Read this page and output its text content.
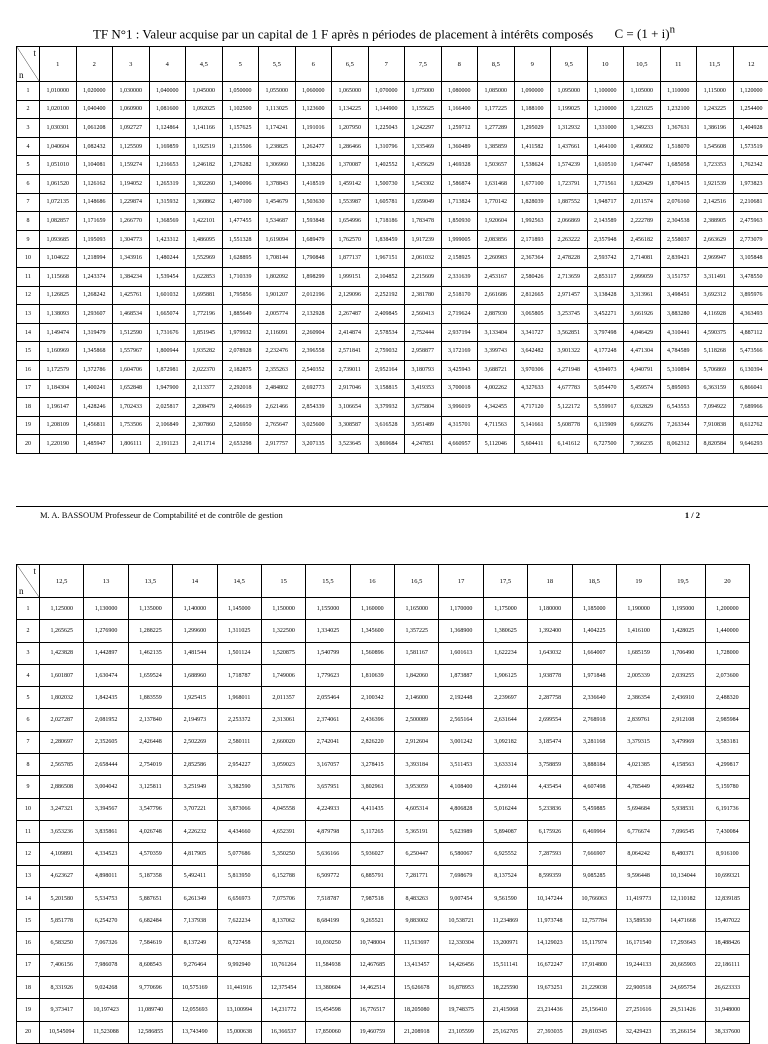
TF N°1 : Valeur acquise par un capital de 1 F après n périodes de placement à intérêts composés $C = (1 + i)^n$
t
n	1	2	3	4	4,5	5	5,5	6	6,5	7	7,5	8	8,5	9	9,5	10	10,5	11	11,5	12
1	1,010000	1,020000	1,030000	1,040000	1,045000	1,050000	1,055000	1,060000	1,065000	1,070000	1,075000	1,080000	1,085000	1,090000	1,095000	1,100000	1,105000	1,110000	1,115000	1,120000
2	1,020100	1,040400	1,060900	1,081600	1,092025	1,102500	1,113025	1,123600	1,134225	1,144900	1,155625	1,166400	1,177225	1,188100	1,199025	1,210000	1,221025	1,232100	1,243225	1,254400
3	1,030301	1,061208	1,092727	1,124864	1,141166	1,157625	1,174241	1,191016	1,207950	1,225043	1,242297	1,259712	1,277289	1,295029	1,312932	1,331000	1,349233	1,367631	1,386196	1,404928
4	1,040604	1,082432	1,125509	1,169859	1,192519	1,215506	1,238825	1,262477	1,286466	1,310796	1,335469	1,360489	1,385859	1,411582	1,437661	1,464100	1,490902	1,518070	1,545608	1,573519
5	1,051010	1,104081	1,159274	1,216653	1,246182	1,276282	1,306960	1,338226	1,370087	1,402552	1,435629	1,469328	1,503657	1,538624	1,574239	1,610510	1,647447	1,685058	1,723353	1,762342
6	1,061520	1,126162	1,194052	1,265319	1,302260	1,340096	1,378843	1,418519	1,459142	1,500730	1,543302	1,586874	1,631468	1,677100	1,723791	1,771561	1,820429	1,870415	1,921539	1,973823
7	1,072135	1,148686	1,229874	1,315932	1,360862	1,407100	1,454679	1,503630	1,553987	1,605781	1,659049	1,713824	1,770142	1,828039	1,887552	1,948717	2,011574	2,076160	2,142516	2,210681
8	1,082857	1,171659	1,266770	1,368569	1,422101	1,477455	1,534687	1,593848	1,654996	1,718186	1,783478	1,850930	1,920604	1,992563	2,066869	2,143589	2,222789	2,304538	2,388905	2,475963
9	1,093685	1,195093	1,304773	1,423312	1,486095	1,551328	1,619094	1,689479	1,762570	1,838459	1,917239	1,999005	2,083856	2,171893	2,263222	2,357948	2,456182	2,558037	2,663629	2,773079
10	1,104622	1,218994	1,343916	1,480244	1,552969	1,628895	1,708144	1,790848	1,877137	1,967151	2,061032	2,158925	2,260983	2,367364	2,478228	2,593742	2,714081	2,839421	2,969947	3,105848
11	1,115668	1,243374	1,384234	1,539454	1,622853	1,710339	1,802092	1,898299	1,999151	2,104852	2,215609	2,331639	2,453167	2,580426	2,713659	2,853117	2,999059	3,151757	3,311491	3,478550
12	1,126825	1,268242	1,425761	1,601032	1,695881	1,795856	1,901207	2,012196	2,129096	2,252192	2,381780	2,518170	2,661686	2,812665	2,971457	3,138428	3,313961	3,498451	3,692312	3,895976
13	1,138093	1,293607	1,468534	1,665074	1,772196	1,885649	2,005774	2,132928	2,267487	2,409845	2,560413	2,719624	2,887930	3,065805	3,253745	3,452271	3,661926	3,883280	4,116928	4,363493
14	1,149474	1,319479	1,512590	1,731676	1,851945	1,979932	2,116091	2,260904	2,414874	2,578534	2,752444	2,937194	3,133404	3,341727	3,562851	3,797498	4,046429	4,310441	4,590375	4,887112
15	1,160969	1,345868	1,557967	1,800944	1,935282	2,078928	2,232476	2,396558	2,571841	2,759032	2,958877	3,172169	3,399743	3,642482	3,901322	4,177248	4,471304	4,784589	5,118268	5,473566
16	1,172579	1,372786	1,604706	1,872981	2,022370	2,182875	2,355263	2,540352	2,739011	2,952164	3,180793	3,425943	3,688721	3,970306	4,271948	4,594973	4,940791	5,310894	5,706869	6,130394
17	1,184304	1,400241	1,652848	1,947900	2,113377	2,292018	2,484802	2,692773	2,917046	3,158815	3,419353	3,700018	4,002262	4,327633	4,677783	5,054470	5,459574	5,895093	6,363159	6,866041
18	1,196147	1,428246	1,702433	2,025817	2,208479	2,406619	2,621466	2,854339	3,106654	3,379932	3,675804	3,996019	4,342455	4,717120	5,122172	5,559917	6,032829	6,543553	7,094922	7,689966
19	1,208109	1,456811	1,753506	2,106849	2,307860	2,526950	2,765647	3,025600	3,308587	3,616528	3,951489	4,315701	4,711563	5,141661	5,608778	6,115909	6,666276	7,263344	7,910838	8,612762
20	1,220190	1,485947	1,806111	2,191123	2,411714	2,653298	2,917757	3,207135	3,523645	3,869684	4,247851	4,660957	5,112046	5,604411	6,141612	6,727500	7,366235	8,062312	8,820584	9,646293
M. A. BASSOUM Professeur de Comptabilité et de contrôle de gestion	1 / 2
t
n	12,5	13	13,5	14	14,5	15	15,5	16	16,5	17	17,5	18	18,5	19	19,5	20
1	1,125000	1,130000	1,135000	1,140000	1,145000	1,150000	1,155000	1,160000	1,165000	1,170000	1,175000	1,180000	1,185000	1,190000	1,195000	1,200000
2	1,265625	1,276900	1,288225	1,299600	1,311025	1,322500	1,334025	1,345600	1,357225	1,368900	1,380625	1,392400	1,404225	1,416100	1,428025	1,440000
3	1,423828	1,442897	1,462135	1,481544	1,501124	1,520875	1,540799	1,560896	1,581167	1,601613	1,622234	1,643032	1,664007	1,685159	1,706490	1,728000
4	1,601807	1,630474	1,659524	1,688960	1,718787	1,749006	1,779623	1,810639	1,842060	1,873887	1,906125	1,938778	1,971848	2,005339	2,039255	2,073600
5	1,802032	1,842435	1,883559	1,925415	1,968011	2,011357	2,055464	2,100342	2,146000	2,192448	2,239697	2,287758	2,336640	2,386354	2,436910	2,488320
6	2,027287	2,081952	2,137840	2,194973	2,253372	2,313061	2,374061	2,436396	2,500089	2,565164	2,631644	2,699554	2,768918	2,839761	2,912108	2,985984
7	2,280697	2,352605	2,426448	2,502269	2,580111	2,660020	2,742041	2,826220	2,912604	3,001242	3,092182	3,185474	3,281168	3,379315	3,479969	3,583181
8	2,565785	2,658444	2,754019	2,852586	2,954227	3,059023	3,167057	3,278415	3,393184	3,511453	3,633314	3,758859	3,888184	4,021385	4,158563	4,299817
9	2,886508	3,004042	3,125811	3,251949	3,382590	3,517876	3,657951	3,802961	3,953059	4,108400	4,269144	4,435454	4,607498	4,785449	4,969482	5,159780
10	3,247321	3,394567	3,547796	3,707221	3,873066	4,045558	4,224933	4,411435	4,605314	4,806828	5,016244	5,233836	5,459885	5,694684	5,938531	6,191736
11	3,653236	3,835861	4,026748	4,226232	4,434660	4,652391	4,879798	5,117265	5,365191	5,623989	5,894087	6,175926	6,469964	6,776674	7,096545	7,430084
12	4,109891	4,334523	4,570359	4,817905	5,077686	5,350250	5,636166	5,936027	6,250447	6,580067	6,925552	7,287593	7,666907	8,064242	8,480371	8,916100
13	4,623627	4,898011	5,187358	5,492411	5,813950	6,152788	6,509772	6,885791	7,281771	7,698679	8,137524	8,599359	9,085285	9,596448	10,134044	10,699321
14	5,201580	5,534753	5,887651	6,261349	6,656973	7,075706	7,518787	7,987518	8,483263	9,007454	9,561590	10,147244	10,766063	11,419773	12,110182	12,839185
15	5,851778	6,254270	6,682484	7,137938	7,622234	8,137062	8,684199	9,265521	9,883002	10,538721	11,234869	11,973748	12,757784	13,589530	14,471668	15,407022
16	6,583250	7,067326	7,584619	8,137249	8,727458	9,357621	10,030250	10,748004	11,513697	12,330304	13,200971	14,129023	15,117974	16,171540	17,293643	18,488426
17	7,406156	7,986078	8,608543	9,276464	9,992940	10,761264	11,584938	12,467685	13,413457	14,426456	15,511141	16,672247	17,914800	19,244133	20,665903	22,186111
18	8,331926	9,024268	9,770696	10,575169	11,441916	12,375454	13,380604	14,462514	15,626678	16,878953	18,225590	19,673251	21,229038	22,900518	24,695754	26,623333
19	9,373417	10,197423	11,089740	12,055693	13,100994	14,231772	15,454598	16,776517	18,205080	19,748375	21,415068	23,214436	25,156410	27,251616	29,511426	31,948000
20	10,545094	11,523088	12,586855	13,743490	15,000638	16,366537	17,850060	19,460759	21,208918	23,105599	25,162705	27,393035	29,810345	32,429423	35,266154	38,337600
